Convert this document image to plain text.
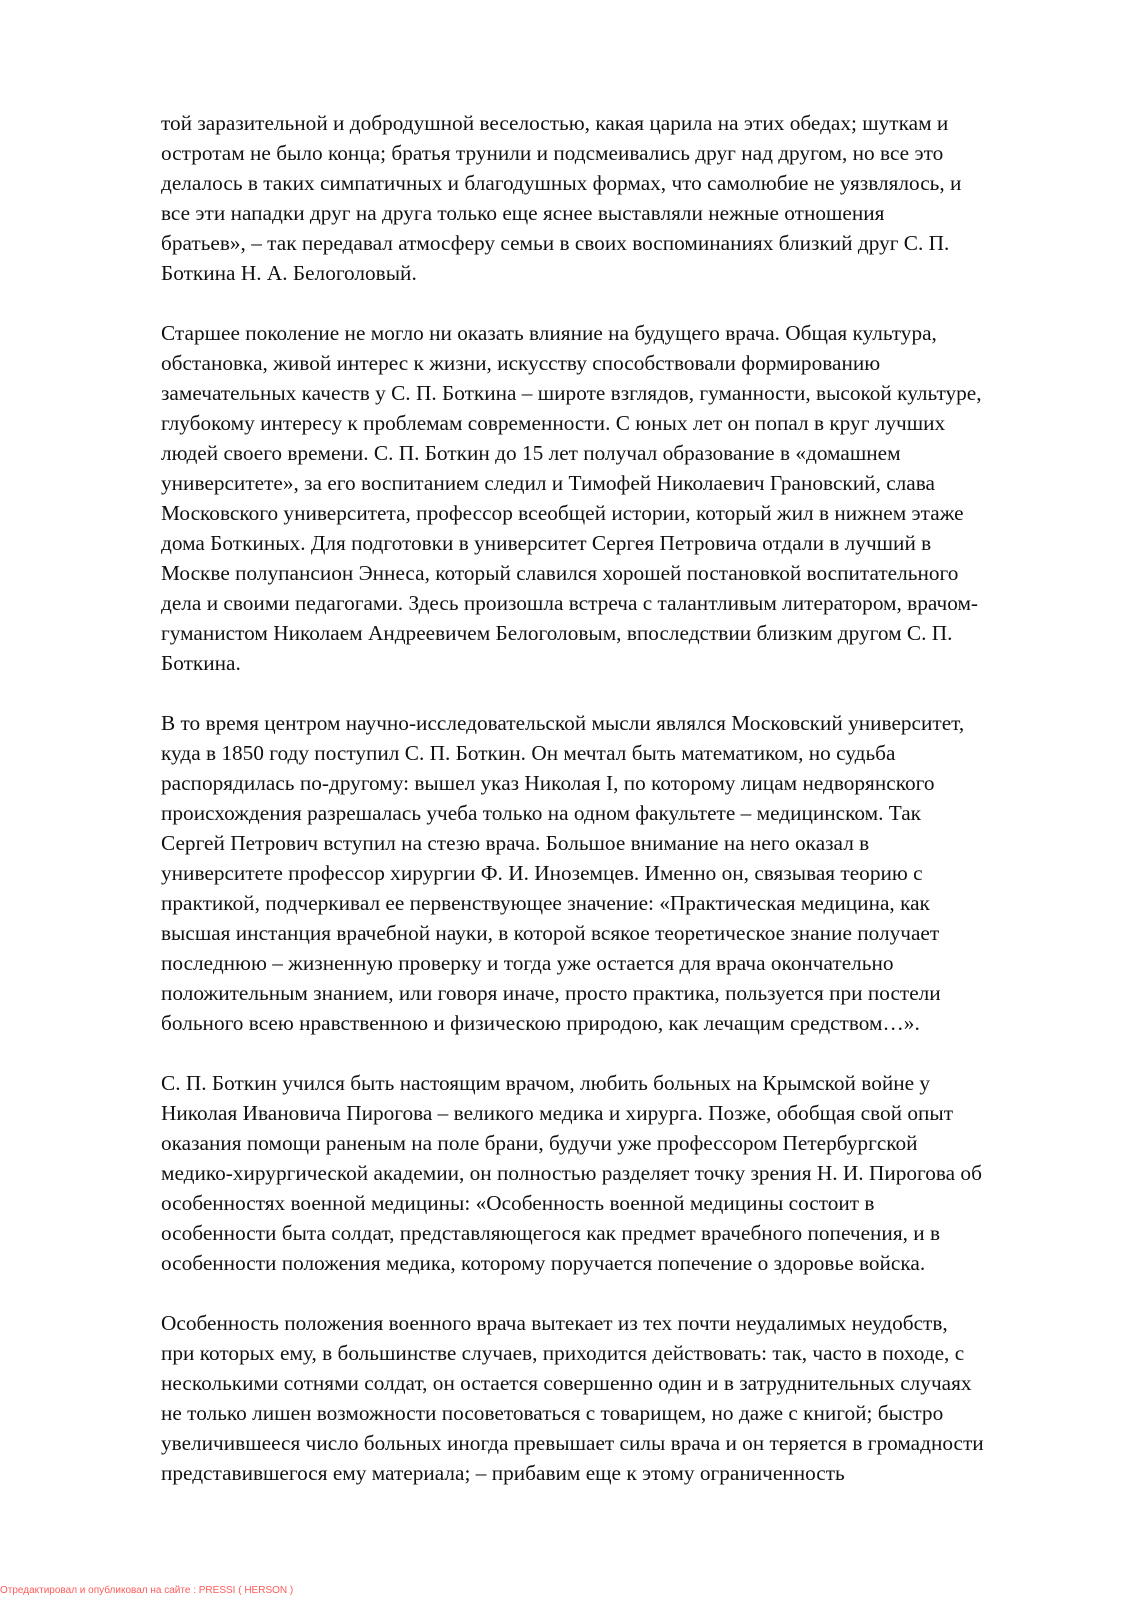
той заразительной и добродушной веселостью, какая царила на этих обедах; шуткам и
остротам не было конца; братья трунили и подсмеивались друг над другом, но все это
делалось в таких симпатичных и благодушных формах, что самолюбие не уязвлялось, и
все эти нападки друг на друга только еще яснее выставляли нежные отношения
братьев», – так передавал атмосферу семьи в своих воспоминаниях близкий друг С. П.
Боткина Н. А. Белоголовый.

Старшее поколение не могло ни оказать влияние на будущего врача. Общая культура,
обстановка, живой интерес к жизни, искусству способствовали формированию
замечательных качеств у С. П. Боткина – широте взглядов, гуманности, высокой культуре,
глубокому интересу к проблемам современности. С юных лет он попал в круг лучших
людей своего времени. С. П. Боткин до 15 лет получал образование в «домашнем
университете», за его воспитанием следил и Тимофей Николаевич Грановский, слава
Московского университета, профессор всеобщей истории, который жил в нижнем этаже
дома Боткиных. Для подготовки в университет Сергея Петровича отдали в лучший в
Москве полупансион Эннеса, который славился хорошей постановкой воспитательного
дела и своими педагогами. Здесь произошла встреча с талантливым литератором, врачом-
гуманистом Николаем Андреевичем Белоголовым, впоследствии близким другом С. П.
Боткина.

В то время центром научно-исследовательской мысли являлся Московский университет,
куда в 1850 году поступил С. П. Боткин. Он мечтал быть математиком, но судьба
распорядилась по-другому: вышел указ Николая I, по которому лицам недворянского
происхождения разрешалась учеба только на одном факультете – медицинском. Так
Сергей Петрович вступил на стезю врача. Большое внимание на него оказал в
университете профессор хирургии Ф. И. Иноземцев. Именно он, связывая теорию с
практикой, подчеркивал ее первенствующее значение: «Практическая медицина, как
высшая инстанция врачебной науки, в которой всякое теоретическое знание получает
последнюю – жизненную проверку и тогда уже остается для врача окончательно
положительным знанием, или говоря иначе, просто практика, пользуется при постели
больного всею нравственною и физическою природою, как лечащим средством…».

С. П. Боткин учился быть настоящим врачом, любить больных на Крымской войне у
Николая Ивановича Пирогова – великого медика и хирурга. Позже, обобщая свой опыт
оказания помощи раненым на поле брани, будучи уже профессором Петербургской
медико-хирургической академии, он полностью разделяет точку зрения Н. И. Пирогова об
особенностях военной медицины: «Особенность военной медицины состоит в
особенности быта солдат, представляющегося как предмет врачебного попечения, и в
особенности положения медика, которому поручается попечение о здоровье войска.

Особенность положения военного врача вытекает из тех почти неудалимых неудобств,
при которых ему, в большинстве случаев, приходится действовать: так, часто в походе, с
несколькими сотнями солдат, он остается совершенно один и в затруднительных случаях
не только лишен возможности посоветоваться с товарищем, но даже с книгой; быстро
увеличившееся число больных иногда превышает силы врача и он теряется в громадности
представившегося ему материала; – прибавим еще к этому ограниченность

Отредактировал и опубликовал на сайте : PRESSI ( HERSON )
